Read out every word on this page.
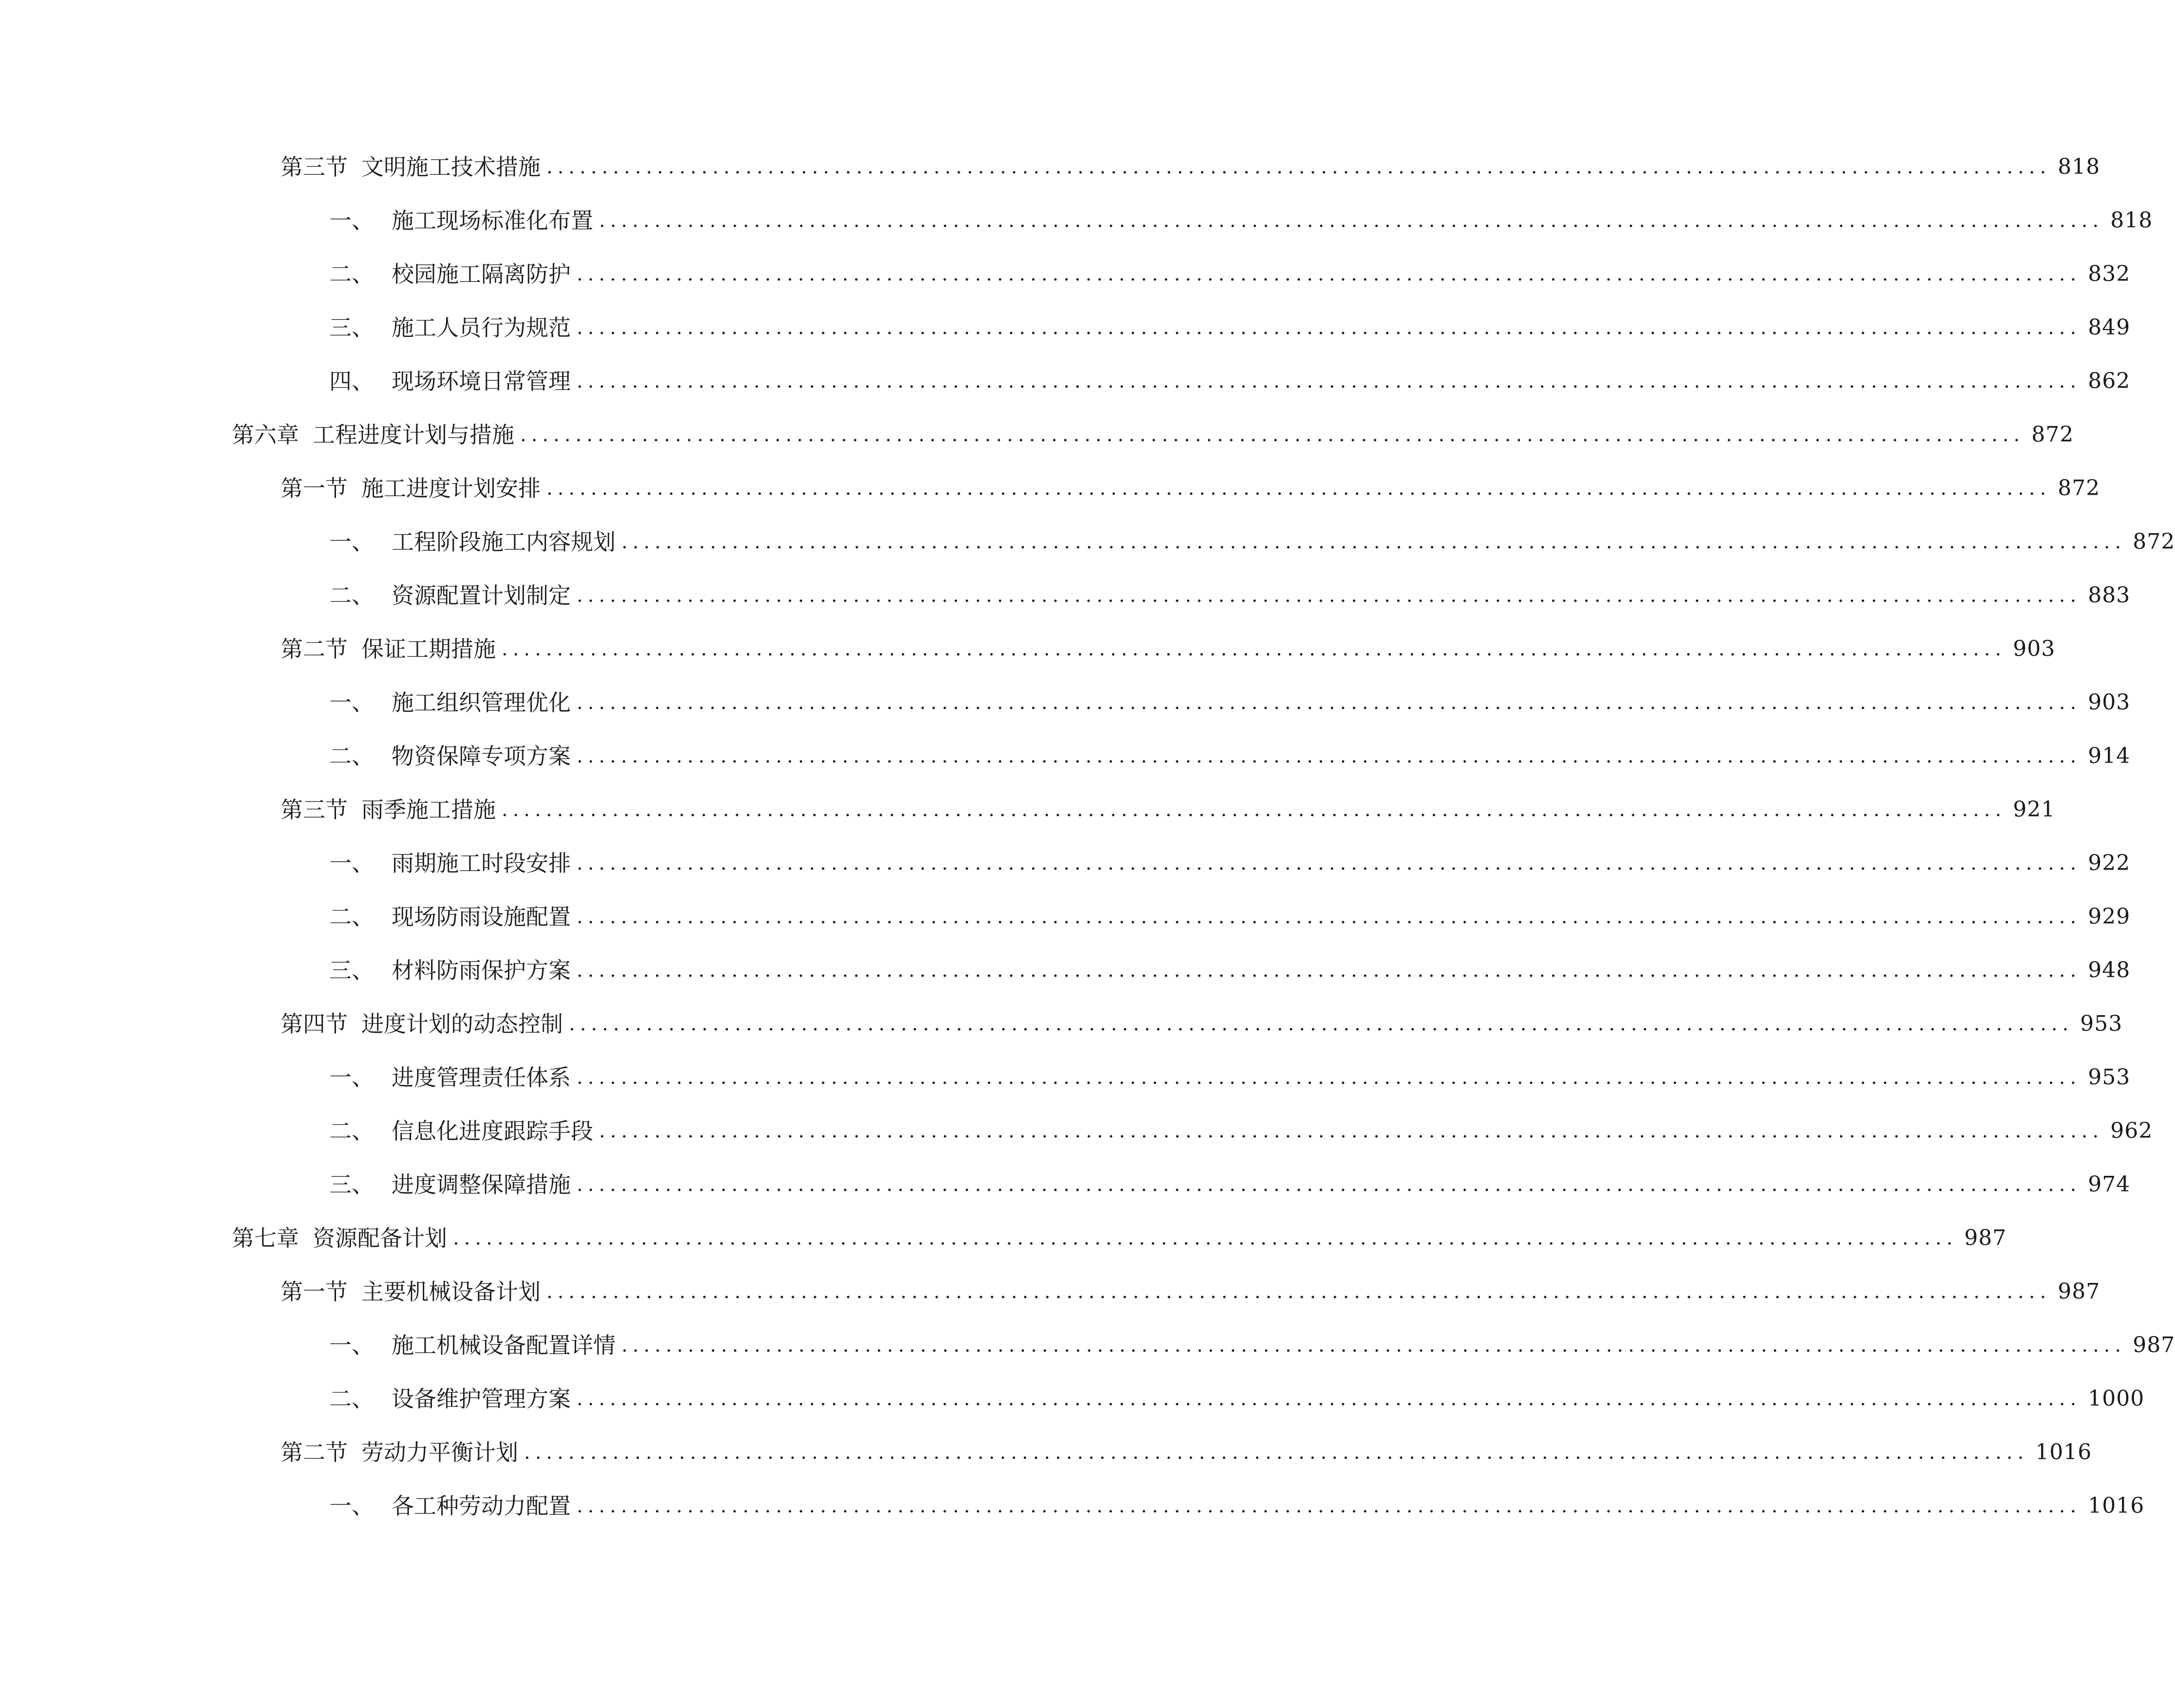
第三节 文明施工技术措施 ........................................................................................................................................ 818
一、 施工现场标准化布置 ........................................................................................................................................ 818
二、 校园施工隔离防护 ........................................................................................................................................ 832
三、 施工人员行为规范 ........................................................................................................................................ 849
四、 现场环境日常管理 ........................................................................................................................................ 862
第六章 工程进度计划与措施 ........................................................................................................................................ 872
第一节 施工进度计划安排 ........................................................................................................................................ 872
一、 工程阶段施工内容规划 ........................................................................................................................................ 872
二、 资源配置计划制定 ........................................................................................................................................ 883
第二节 保证工期措施 ........................................................................................................................................ 903
一、 施工组织管理优化 ........................................................................................................................................ 903
二、 物资保障专项方案 ........................................................................................................................................ 914
第三节 雨季施工措施 ........................................................................................................................................ 921
一、 雨期施工时段安排 ........................................................................................................................................ 922
二、 现场防雨设施配置 ........................................................................................................................................ 929
三、 材料防雨保护方案 ........................................................................................................................................ 948
第四节 进度计划的动态控制 ........................................................................................................................................ 953
一、 进度管理责任体系 ........................................................................................................................................ 953
二、 信息化进度跟踪手段 ........................................................................................................................................ 962
三、 进度调整保障措施 ........................................................................................................................................ 974
第七章 资源配备计划 ........................................................................................................................................ 987
第一节 主要机械设备计划 ........................................................................................................................................ 987
一、 施工机械设备配置详情 ........................................................................................................................................ 987
二、 设备维护管理方案 ........................................................................................................................................ 1000
第二节 劳动力平衡计划 ........................................................................................................................................ 1016
一、 各工种劳动力配置 ........................................................................................................................................ 1016
